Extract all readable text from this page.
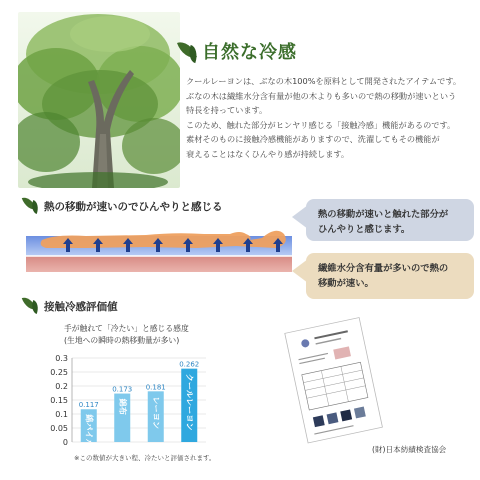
自然な冷感

クールレーヨンは、ぶなの木100%を原料として開発されたアイテムです。

ぶなの木は繊維水分含有量が他の木よりも多いので熱の移動が速いという

特長を持っています。

このため、触れた部分がヒンヤリ感じる「接触冷感」機能があるのです。

素材そのものに接触冷感機能がありますので、洗濯してもその機能が

衰えることはなくひんやり感が持続します。

熱の移動が速いのでひんやりと感じる
熱の移動が速いと触れた部分が
ひんやりと感じます。
繊維水分含有量が多いので熱の
移動が速い。
接触冷感評価値
手が触れて「冷たい」と感じる感度
(生地への瞬時の熱移動量が多い)
0
0.05
0.1
0.15
0.2
0.25
0.3
0.117
綿パイル
0.173
綿布
0.181
レーヨン
0.262
クールレーヨン
※この数値が大きい程、冷たいと評価されます。
(財)日本紡績検査協会
